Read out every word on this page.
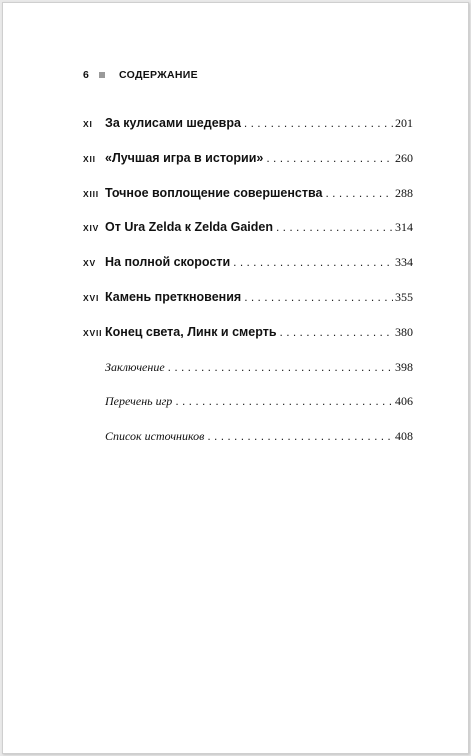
6	СОДЕРЖАНИЕ
XI За кулисами шедевра . . .	201
XII «Лучшая игра в истории» . . .	260
XIII Точное воплощение совершенства . . .	288
XIV От Ura Zelda к Zelda Gaiden . . .	314
XV На полной скорости . . .	334
XVI Камень преткновения . . .	355
XVII Конец света, Линк и смерть . . .	380
Заключение . . .	398
Перечень игр . . .	406
Список источников . . .	408
